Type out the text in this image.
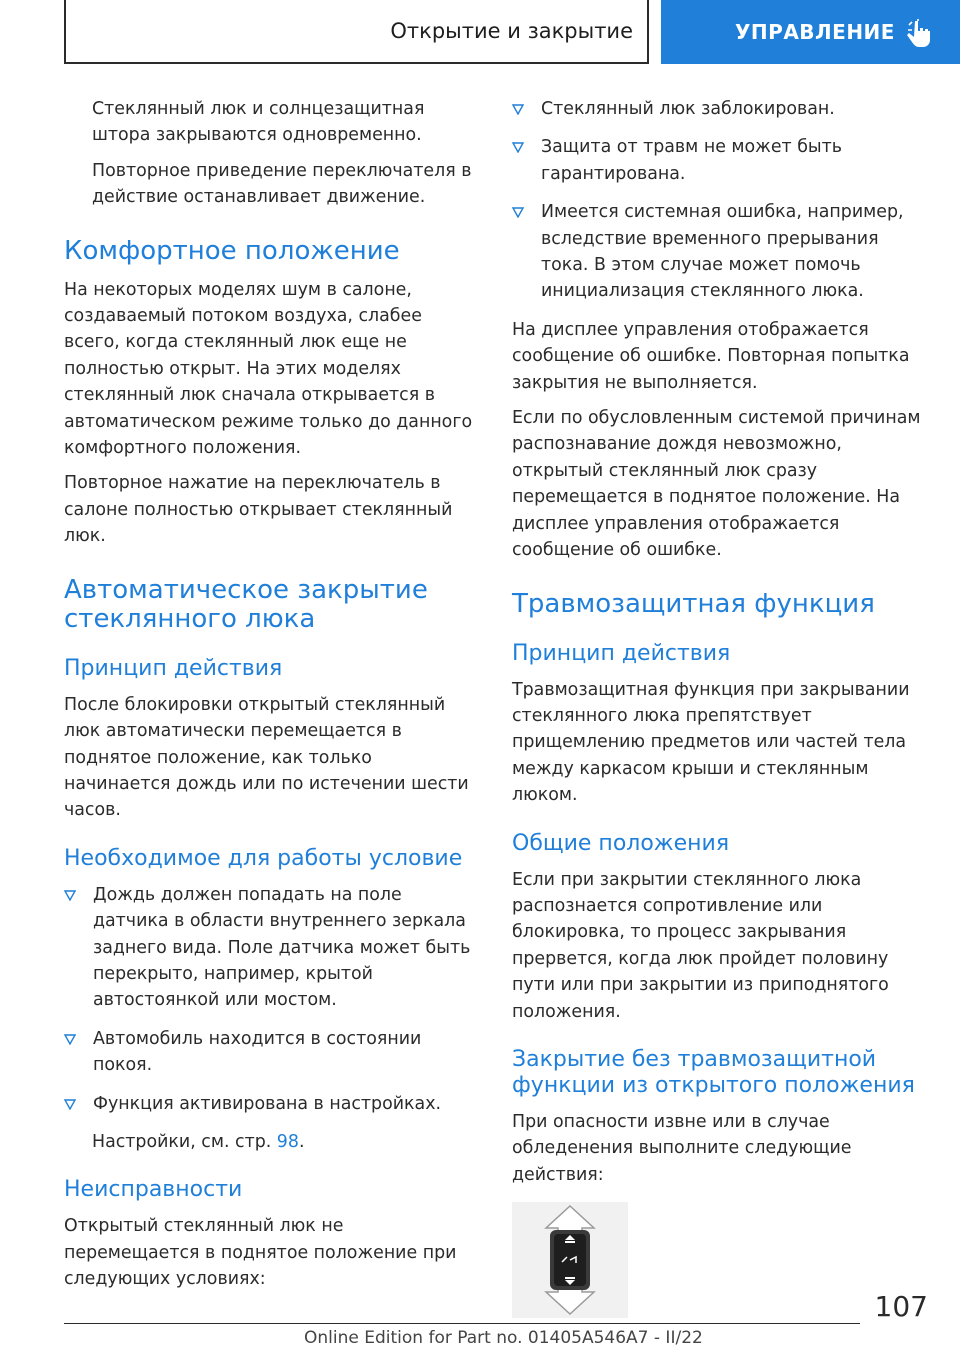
Открытие и закрытие	УПРАВЛЕНИЕ

Стеклянный люк и солнцезащитная штора закрываются одновременно.

Повторное приведение переключателя в действие останавливает движение.

Комфортное положение

На некоторых моделях шум в салоне, создаваемый потоком воздуха, слабее всего, когда стеклянный люк еще не полностью открыт. На этих моделях стеклянный люк сначала открывается в автоматическом режиме только до данного комфортного положения.

Повторное нажатие на переключатель в салоне полностью открывает стеклянный люк.

Автоматическое закрытие стеклянного люка
Принцип действия

После блокировки открытый стеклянный люк автоматически перемещается в поднятое положение, как только начинается дождь или по истечении шести часов.

Необходимое для работы условие
Дождь должен попадать на поле датчика в области внутреннего зеркала заднего вида. Поле датчика может быть перекрыто, например, крытой автостоянкой или мостом.
Автомобиль находится в состоянии покоя.
Функция активирована в настройках.

Настройки, см. стр. 98.

Неисправности

Открытый стеклянный люк не перемещается в поднятое положение при следующих условиях:

Стеклянный люк заблокирован.
Защита от травм не может быть гарантирована.
Имеется системная ошибка, например, вследствие временного прерывания тока. В этом случае может помочь инициализация стеклянного люка.

На дисплее управления отображается сообщение об ошибке. Повторная попытка закрытия не выполняется.

Если по обусловленным системой причинам распознавание дождя невозможно, открытый стеклянный люк сразу перемещается в поднятое положение. На дисплее управления отображается сообщение об ошибке.

Травмозащитная функция
Принцип действия

Травмозащитная функция при закрывании стеклянного люка препятствует прищемлению предметов или частей тела между каркасом крыши и стеклянным люком.

Общие положения

Если при закрытии стеклянного люка распознается сопротивление или блокировка, то процесс закрывания прервется, когда люк пройдет половину пути или при закрытии из приподнятого положения.

Закрытие без травмозащитной функции из открытого положения

При опасности извне или в случае обледенения выполните следующие действия:

107
Online Edition for Part no. 01405A546A7 - II/22
